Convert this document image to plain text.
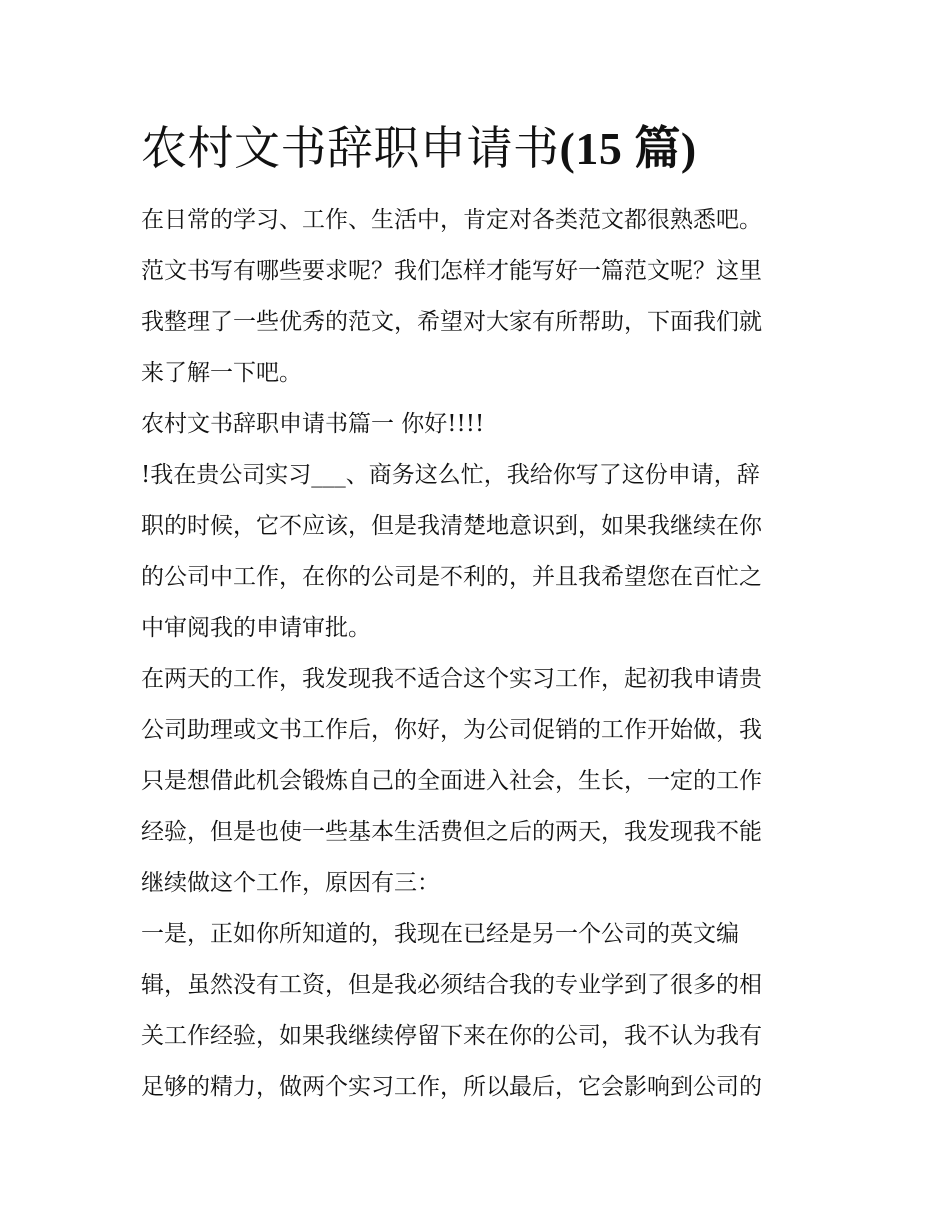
农村文书辞职申请书(15 篇)

在日常的学习、工作、生活中，肯定对各类范文都很熟悉吧。
范文书写有哪些要求呢？我们怎样才能写好一篇范文呢？这里
我整理了一些优秀的范文，希望对大家有所帮助，下面我们就
来了解一下吧。

农村文书辞职申请书篇一 你好!!!!

!我在贵公司实习___、商务这么忙，我给你写了这份申请，辞
职的时候，它不应该，但是我清楚地意识到，如果我继续在你
的公司中工作，在你的公司是不利的，并且我希望您在百忙之
中审阅我的申请审批。

在两天的工作，我发现我不适合这个实习工作，起初我申请贵
公司助理或文书工作后，你好，为公司促销的工作开始做，我
只是想借此机会锻炼自己的全面进入社会，生长，一定的工作
经验，但是也使一些基本生活费但之后的两天，我发现我不能
继续做这个工作，原因有三：

一是，正如你所知道的，我现在已经是另一个公司的英文编
辑，虽然没有工资，但是我必须结合我的专业学到了很多的相
关工作经验，如果我继续停留下来在你的公司，我不认为我有
足够的精力，做两个实习工作，所以最后，它会影响到公司的
